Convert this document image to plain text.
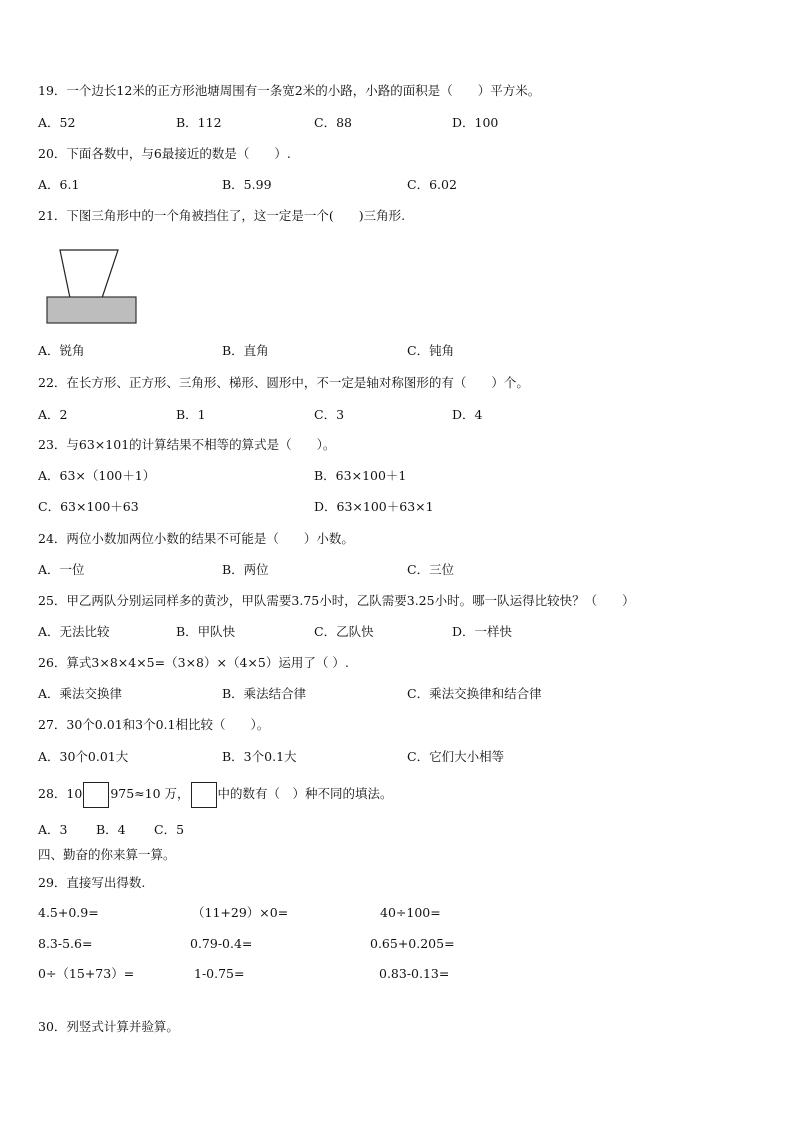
19．一个边长12米的正方形池塘周围有一条宽2米的小路，小路的面积是（　　）平方米。
A．52	B．112	C．88	D．100
20．下面各数中，与6最接近的数是（　　）.
A．6.1	B．5.99	C．6.02
21．下图三角形中的一个角被挡住了，这一定是一个(　　)三角形.
A．锐角	B．直角	C．钝角
22．在长方形、正方形、三角形、梯形、圆形中，不一定是轴对称图形的有（　　）个。
A．2	B．1	C．3	D．4
23．与63×101的计算结果不相等的算式是（　　）。
A．63×（100＋1）	B．63×100＋1
C．63×100＋63	D．63×100＋63×1
24．两位小数加两位小数的结果不可能是（　　）小数。
A．一位	B．两位	C．三位
25．甲乙两队分别运同样多的黄沙，甲队需要3.75小时，乙队需要3.25小时。哪一队运得比较快？（　　）
A．无法比较	B．甲队快	C．乙队快	D．一样快
26．算式3×8×4×5=（3×8）×（4×5）运用了（ ）.
A．乘法交换律	B．乘法结合律	C．乘法交换律和结合律
27．30个0.01和3个0.1相比较（　　）。
A．30个0.01大	B．3个0.1大	C．它们大小相等
28．10 975≈10 万， 中的数有（　）种不同的填法。
A．3 B．4 C．5
四、勤奋的你来算一算。
29．直接写出得数.
4.5+0.9=	（11+29）×0=	40÷100=
8.3-5.6=	0.79-0.4=	0.65+0.205=
0÷（15+73）=	1-0.75=	0.83-0.13=
30．列竖式计算并验算。
